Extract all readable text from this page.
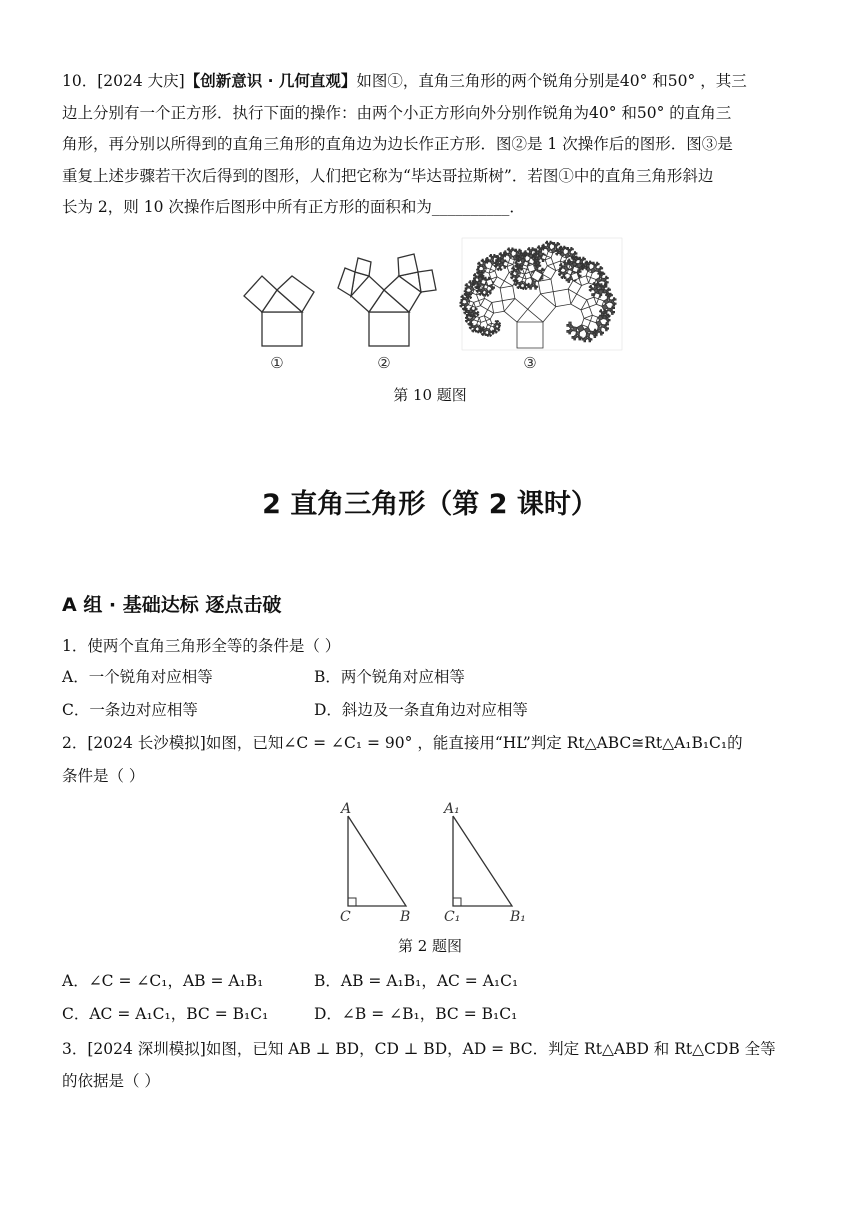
10．[2024 大庆]【创新意识 · 几何直观】如图①，直角三角形的两个锐角分别是40° 和50° ，其三
边上分别有一个正方形．执行下面的操作：由两个小正方形向外分别作锐角为40° 和50° 的直角三
角形，再分别以所得到的直角三角形的直角边为边长作正方形．图②是 1 次操作后的图形．图③是
重复上述步骤若干次后得到的图形，人们把它称为“毕达哥拉斯树”．若图①中的直角三角形斜边
长为 2，则 10 次操作后图形中所有正方形的面积和为__________．
①	②	③
第 10 题图
2 直角三角形（第 2 课时）
A 组 · 基础达标 逐点击破
1．使两个直角三角形全等的条件是（ ）
A．一个锐角对应相等	B．两个锐角对应相等
C．一条边对应相等	D．斜边及一条直角边对应相等
2．[2024 长沙模拟]如图，已知∠C = ∠C₁ = 90° ，能直接用“HL”判定 Rt△ABC≅Rt△A₁B₁C₁的
条件是（ ）
A
C	B
A₁
C₁	B₁
第 2 题图
A．∠C = ∠C₁，AB = A₁B₁	B．AB = A₁B₁，AC = A₁C₁
C．AC = A₁C₁，BC = B₁C₁	D．∠B = ∠B₁，BC = B₁C₁
3．[2024 深圳模拟]如图，已知 AB ⊥ BD，CD ⊥ BD，AD = BC．判定 Rt△ABD 和 Rt△CDB 全等
的依据是（ ）
